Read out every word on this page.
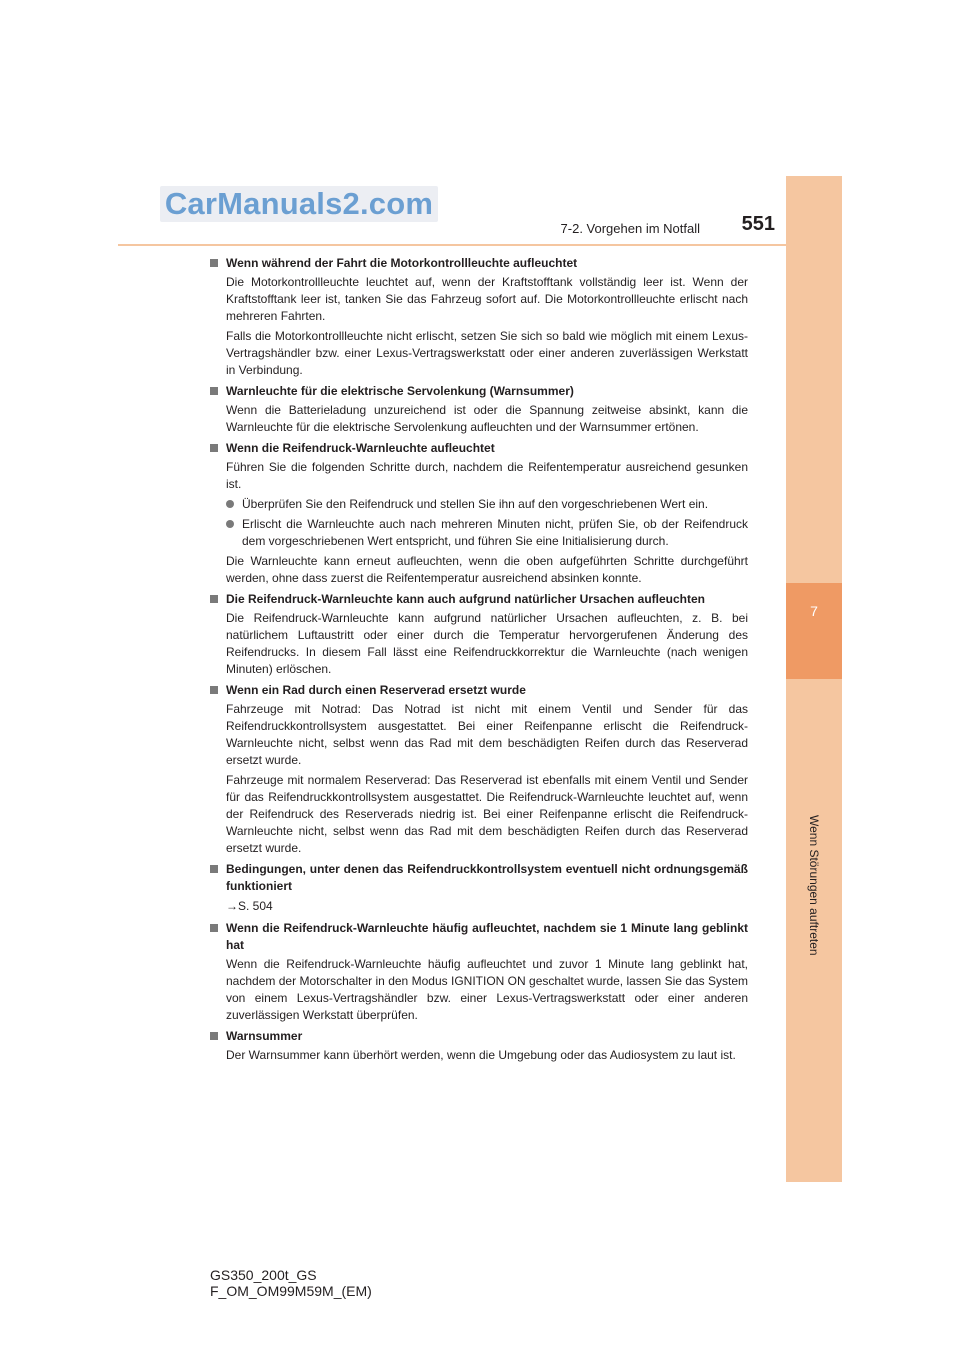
7
Wenn Störungen auftreten
CarManuals2.com
7-2. Vorgehen im Notfall	551
Wenn während der Fahrt die Motorkontrollleuchte aufleuchtet
Die Motorkontrollleuchte leuchtet auf, wenn der Kraftstofftank vollständig leer ist. Wenn der Kraftstofftank leer ist, tanken Sie das Fahrzeug sofort auf. Die Motorkontrollleuchte erlischt nach mehreren Fahrten.
Falls die Motorkontrollleuchte nicht erlischt, setzen Sie sich so bald wie möglich mit einem Lexus-Vertragshändler bzw. einer Lexus-Vertragswerkstatt oder einer anderen zuverlässigen Werkstatt in Verbindung.
Warnleuchte für die elektrische Servolenkung (Warnsummer)
Wenn die Batterieladung unzureichend ist oder die Spannung zeitweise absinkt, kann die Warnleuchte für die elektrische Servolenkung aufleuchten und der Warnsummer ertönen.
Wenn die Reifendruck-Warnleuchte aufleuchtet
Führen Sie die folgenden Schritte durch, nachdem die Reifentemperatur ausreichend gesunken ist.
Überprüfen Sie den Reifendruck und stellen Sie ihn auf den vorgeschriebenen Wert ein.
Erlischt die Warnleuchte auch nach mehreren Minuten nicht, prüfen Sie, ob der Reifendruck dem vorgeschriebenen Wert entspricht, und führen Sie eine Initialisierung durch.
Die Warnleuchte kann erneut aufleuchten, wenn die oben aufgeführten Schritte durchgeführt werden, ohne dass zuerst die Reifentemperatur ausreichend absinken konnte.
Die Reifendruck-Warnleuchte kann auch aufgrund natürlicher Ursachen aufleuchten
Die Reifendruck-Warnleuchte kann aufgrund natürlicher Ursachen aufleuchten, z. B. bei natürlichem Luftaustritt oder einer durch die Temperatur hervorgerufenen Änderung des Reifendrucks. In diesem Fall lässt eine Reifendruckkorrektur die Warnleuchte (nach wenigen Minuten) erlöschen.
Wenn ein Rad durch einen Reserverad ersetzt wurde
Fahrzeuge mit Notrad: Das Notrad ist nicht mit einem Ventil und Sender für das Reifendruckkontrollsystem ausgestattet. Bei einer Reifenpanne erlischt die Reifendruck-Warnleuchte nicht, selbst wenn das Rad mit dem beschädigten Reifen durch das Reserverad ersetzt wurde.
Fahrzeuge mit normalem Reserverad: Das Reserverad ist ebenfalls mit einem Ventil und Sender für das Reifendruckkontrollsystem ausgestattet. Die Reifendruck-Warnleuchte leuchtet auf, wenn der Reifendruck des Reserverads niedrig ist. Bei einer Reifenpanne erlischt die Reifendruck-Warnleuchte nicht, selbst wenn das Rad mit dem beschädigten Reifen durch das Reserverad ersetzt wurde.
Bedingungen, unter denen das Reifendruckkontrollsystem eventuell nicht ordnungsgemäß funktioniert
→S. 504
Wenn die Reifendruck-Warnleuchte häufig aufleuchtet, nachdem sie 1 Minute lang geblinkt hat
Wenn die Reifendruck-Warnleuchte häufig aufleuchtet und zuvor 1 Minute lang geblinkt hat, nachdem der Motorschalter in den Modus IGNITION ON geschaltet wurde, lassen Sie das System von einem Lexus-Vertragshändler bzw. einer Lexus-Vertragswerkstatt oder einer anderen zuverlässigen Werkstatt überprüfen.
Warnsummer
Der Warnsummer kann überhört werden, wenn die Umgebung oder das Audiosystem zu laut ist.
GS350_200t_GS F_OM_OM99M59M_(EM)
